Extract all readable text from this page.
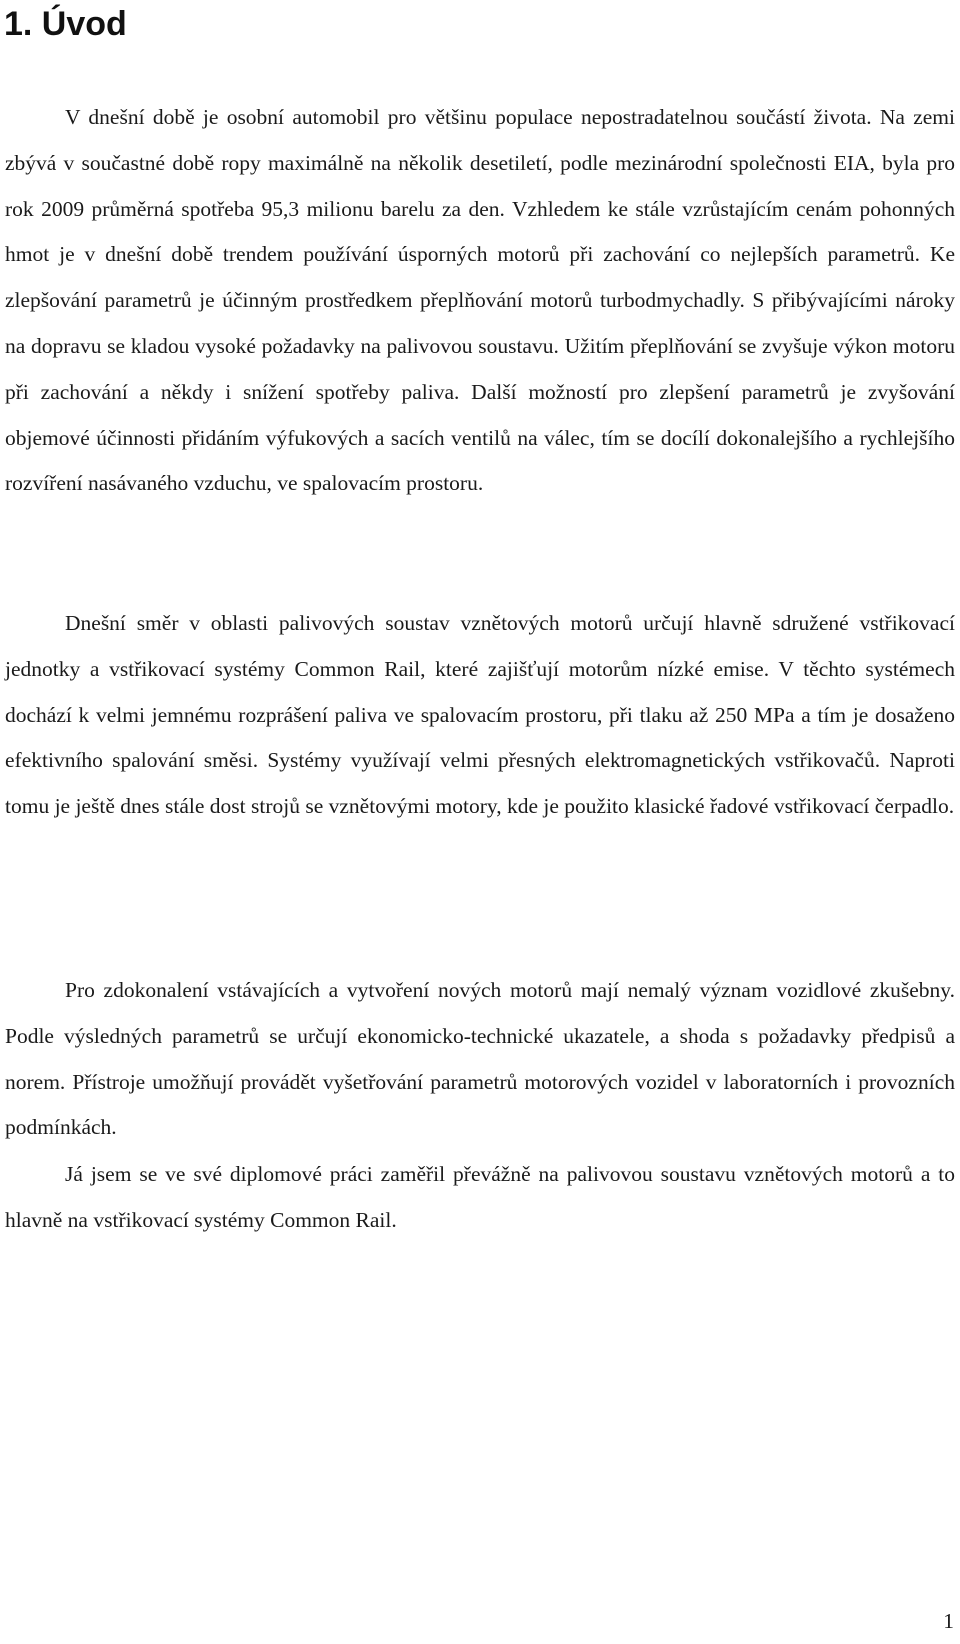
1. Úvod

V dnešní době je osobní automobil pro většinu populace nepostradatelnou součástí života. Na zemi zbývá v součastné době ropy maximálně na několik desetiletí, podle mezinárodní společnosti EIA, byla pro rok 2009 průměrná spotřeba 95,3 milionu barelu za den. Vzhledem ke stále vzrůstajícím cenám pohonných hmot je v dnešní době trendem používání úsporných motorů při zachování co nejlepších parametrů. Ke zlepšování parametrů je účinným prostředkem přeplňování motorů turbodmychadly. S přibývajícími nároky na dopravu se kladou vysoké požadavky na palivovou soustavu. Užitím přeplňování se zvyšuje výkon motoru při zachování a někdy i snížení spotřeby paliva. Další možností pro zlepšení parametrů je zvyšování objemové účinnosti přidáním výfukových a sacích ventilů na válec, tím se docílí dokonalejšího a rychlejšího rozvíření nasávaného vzduchu, ve spalovacím prostoru.

Dnešní směr v oblasti palivových soustav vznětových motorů určují hlavně sdružené vstřikovací jednotky a vstřikovací systémy Common Rail, které zajišťují motorům nízké emise. V těchto systémech dochází k velmi jemnému rozprášení paliva ve spalovacím prostoru, při tlaku až 250 MPa a tím je dosaženo efektivního spalování směsi. Systémy využívají velmi přesných elektromagnetických vstřikovačů. Naproti tomu je ještě dnes stále dost strojů se vznětovými motory, kde je použito klasické řadové vstřikovací čerpadlo.

Pro zdokonalení vstávajících a vytvoření nových motorů mají nemalý význam vozidlové zkušebny. Podle výsledných parametrů se určují ekonomicko-technické ukazatele, a shoda s požadavky předpisů a norem. Přístroje umožňují provádět vyšetřování parametrů motorových vozidel v laboratorních i provozních podmínkách.

Já jsem se ve své diplomové práci zaměřil převážně na palivovou soustavu vznětových motorů a to hlavně na vstřikovací systémy Common Rail.

1
